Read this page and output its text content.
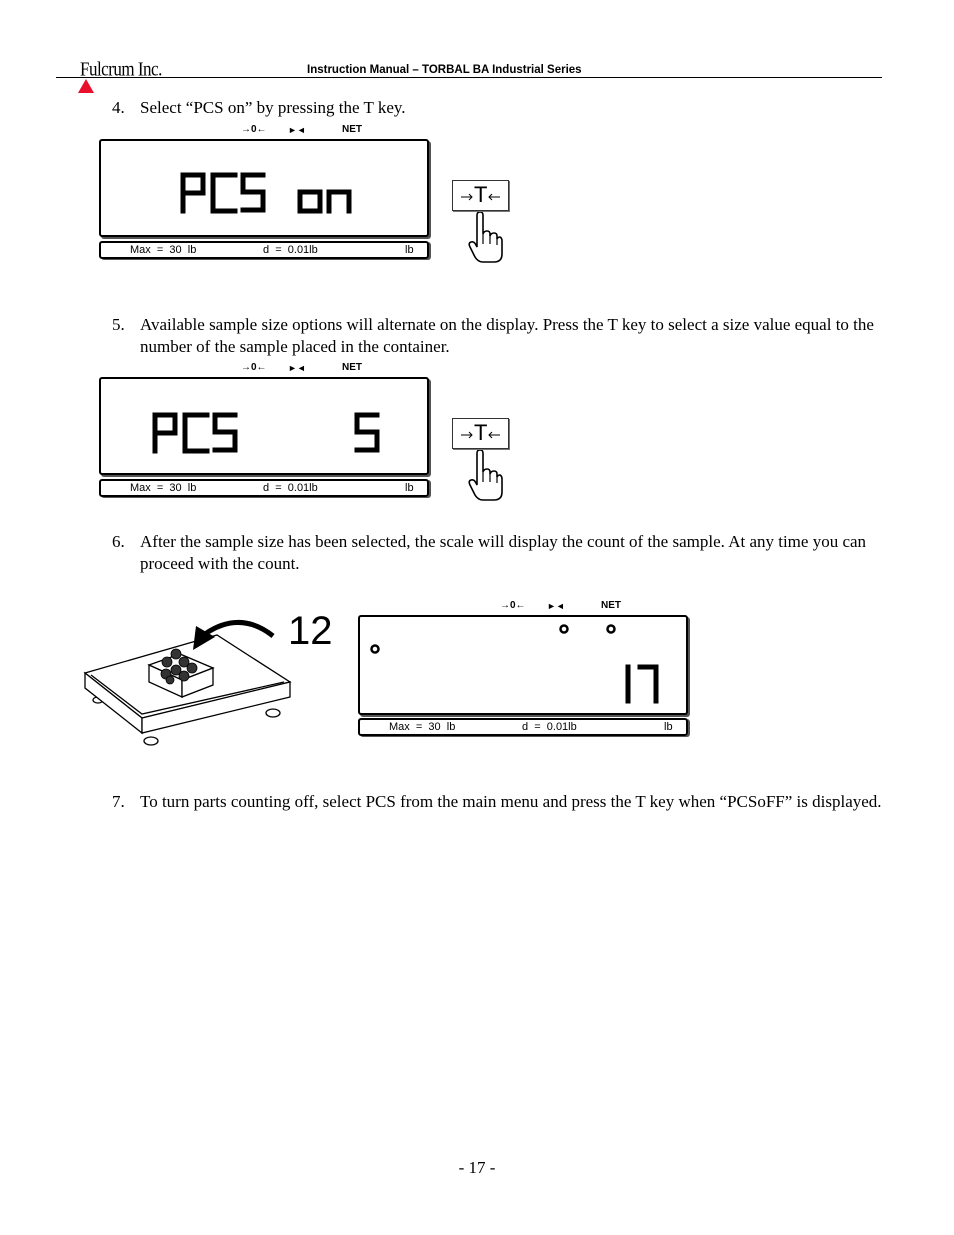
Fulcrum Inc.	Instruction Manual – TORBAL BA Industrial Series
4. Select “PCS on” by pressing the T key.
→0← ►◄	NET
Max  =  30  lb	d  =  0.01lb	lb
T
5. Available sample size options will alternate on the display. Press the T key to select a size value equal to the number of the sample placed in the container.
→0← ►◄	NET
Max  =  30  lb	d  =  0.01lb	lb
T
6. After the sample size has been selected, the scale will display the count of the sample. At any time you can proceed with the count.
12
→0← ►◄	NET
Max  =  30  lb	d  =  0.01lb	lb
7. To turn parts counting off, select PCS from the main menu and press the T key when “PCSoFF” is displayed.
- 17 -
